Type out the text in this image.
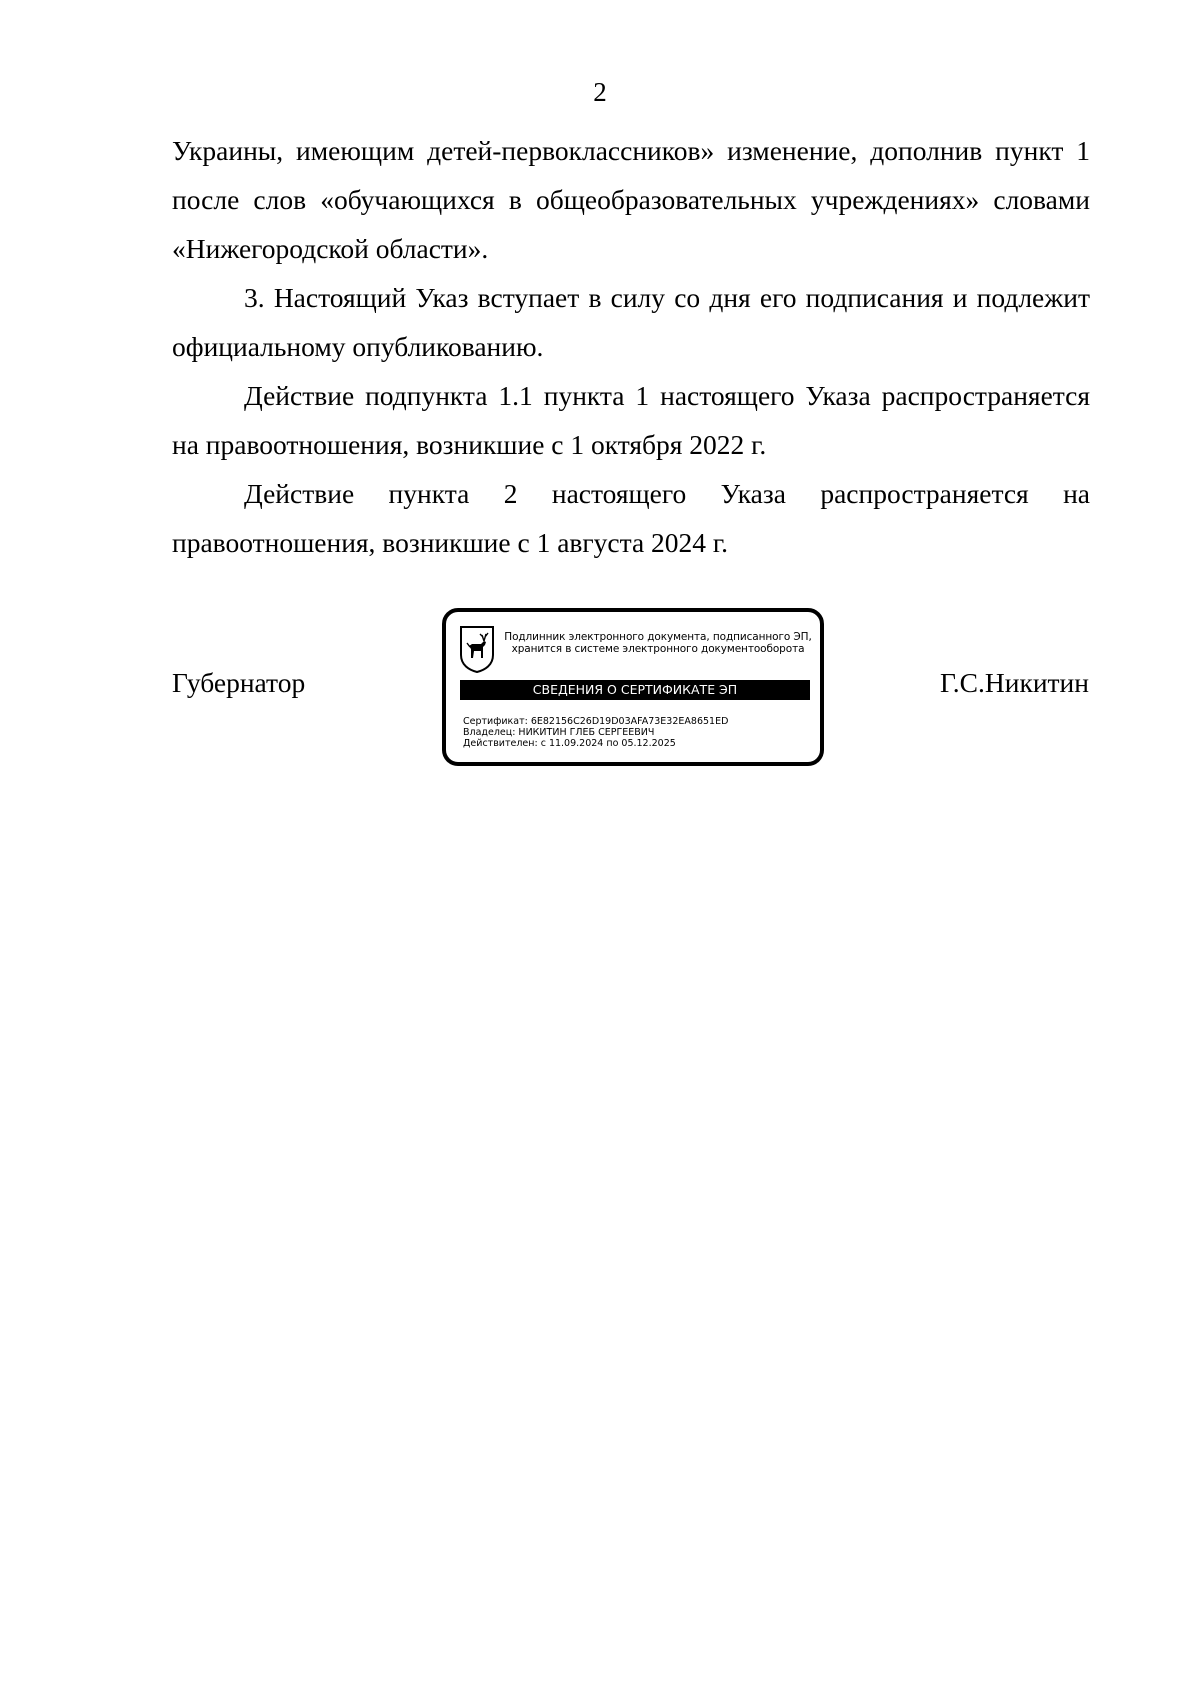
2

Украины, имеющим детей-первоклассников» изменение, дополнив пункт 1 после слов «обучающихся в общеобразовательных учреждениях» словами «Нижегородской области».

3. Настоящий Указ вступает в силу со дня его подписания и подлежит официальному опубликованию.

Действие подпункта 1.1 пункта 1 настоящего Указа распространяется на правоотношения, возникшие с 1 октября 2022 г.

Действие пункта 2 настоящего Указа распространяется на правоотношения, возникшие с 1 августа 2024 г.

Губернатор
Подлинник электронного документа, подписанного ЭП,
хранится в системе электронного документооборота
СВЕДЕНИЯ О СЕРТИФИКАТЕ ЭП
Сертификат: 6E82156C26D19D03AFA73E32EA8651ED
Владелец: НИКИТИН ГЛЕБ СЕРГЕЕВИЧ
Действителен: с 11.09.2024 по 05.12.2025
Г.С.Никитин
